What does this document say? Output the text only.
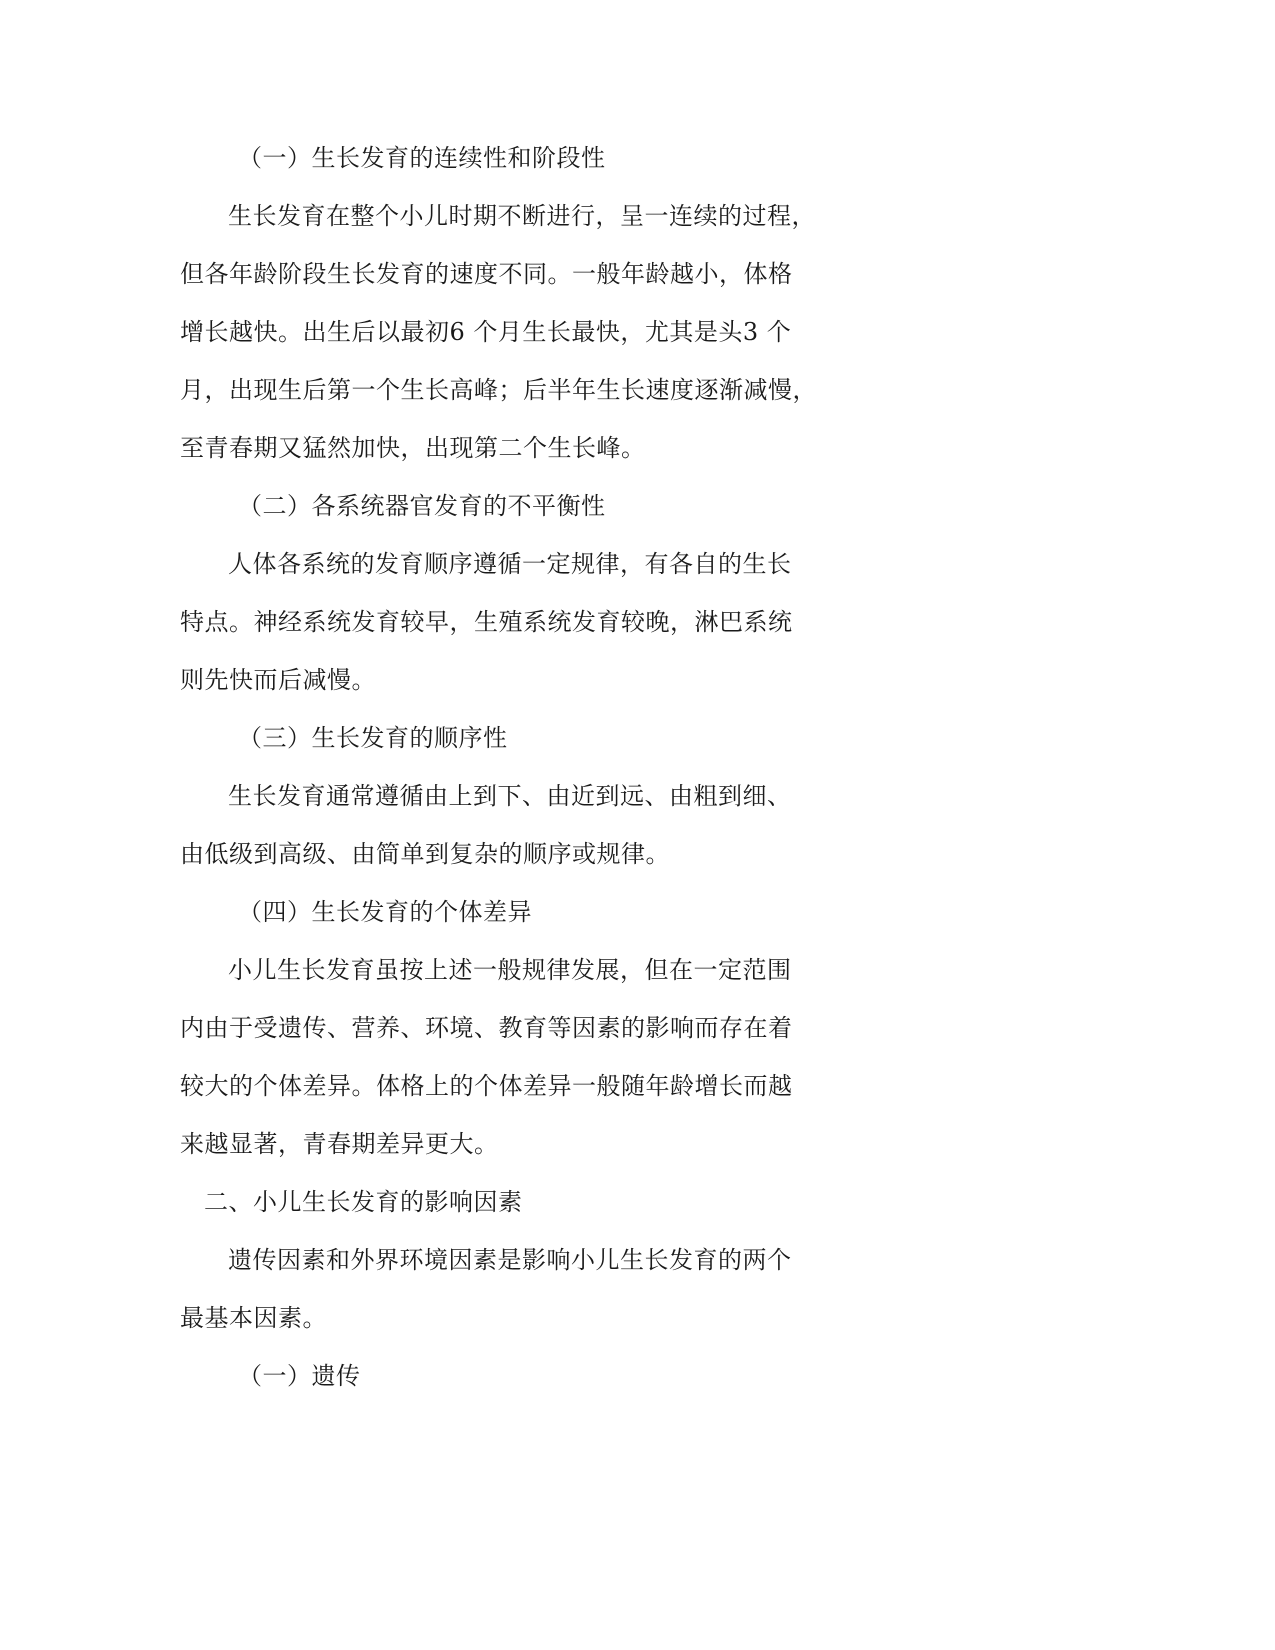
（一）生长发育的连续性和阶段性
生长发育在整个小儿时期不断进行，呈一连续的过程，
但各年龄阶段生长发育的速度不同。一般年龄越小，体格
增长越快。出生后以最初6 个月生长最快，尤其是头3 个
月，出现生后第一个生长高峰；后半年生长速度逐渐减慢，
至青春期又猛然加快，出现第二个生长峰。
（二）各系统器官发育的不平衡性
人体各系统的发育顺序遵循一定规律，有各自的生长
特点。神经系统发育较早，生殖系统发育较晚，淋巴系统
则先快而后减慢。
（三）生长发育的顺序性
生长发育通常遵循由上到下、由近到远、由粗到细、
由低级到高级、由简单到复杂的顺序或规律。
（四）生长发育的个体差异
小儿生长发育虽按上述一般规律发展，但在一定范围
内由于受遗传、营养、环境、教育等因素的影响而存在着
较大的个体差异。体格上的个体差异一般随年龄增长而越
来越显著，青春期差异更大。
二、小儿生长发育的影响因素
遗传因素和外界环境因素是影响小儿生长发育的两个
最基本因素。
（一）遗传
